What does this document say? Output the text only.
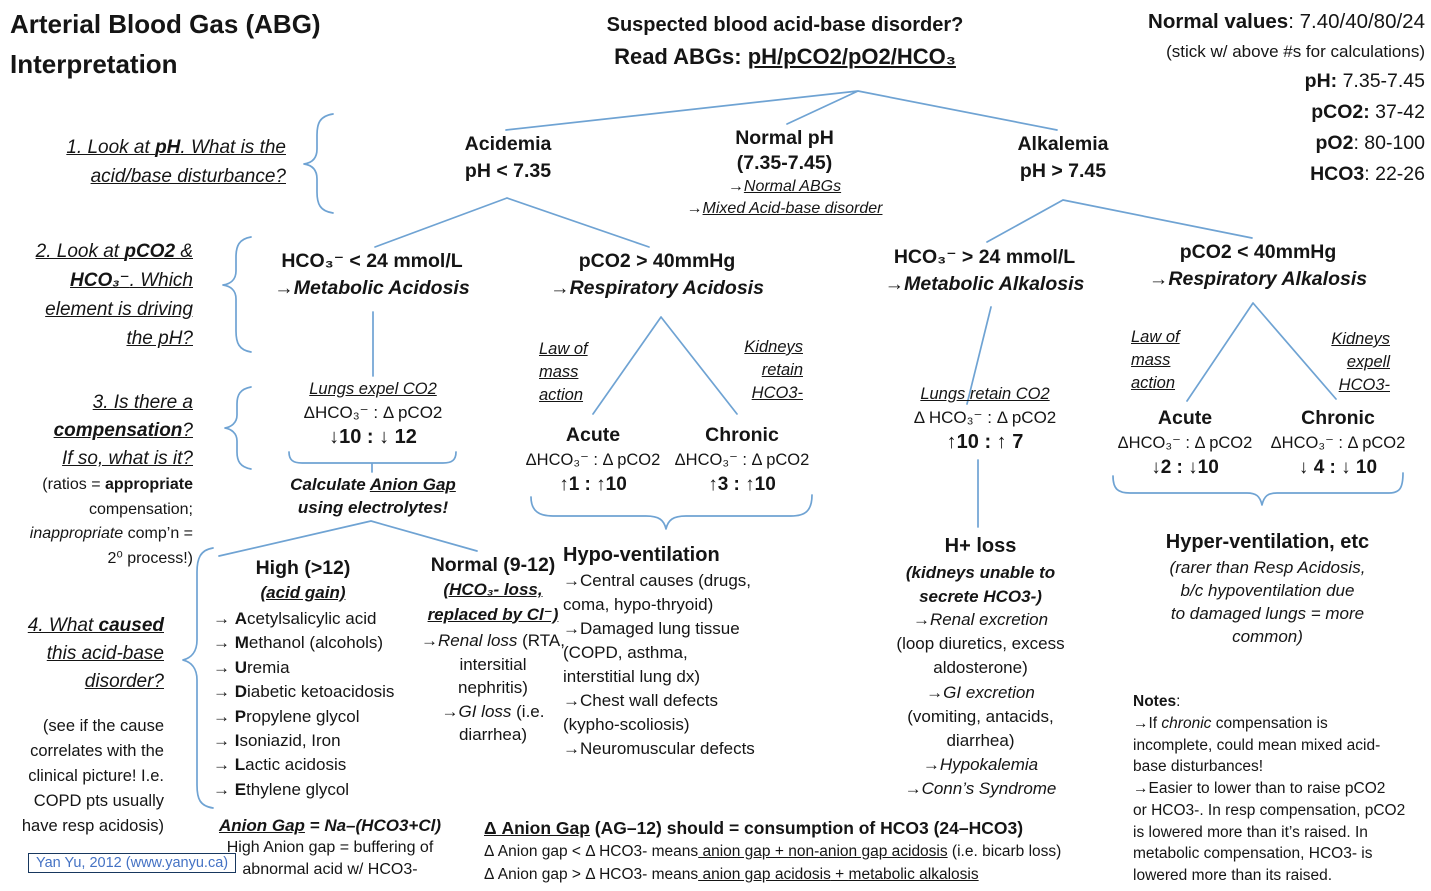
Arterial Blood Gas (ABG)
Interpretation
Suspected blood acid-base disorder?
Read ABGs: pH/pCO2/pO2/HCO₃
Normal values: 7.40/40/80/24
(stick w/ above #s for calculations)
pH: 7.35-7.45
pCO2: 37-42
pO2: 80-100
HCO3: 22-26
1. Look at pH. What is the
acid/base disturbance?
2. Look at pCO2 &
HCO₃⁻. Which
element is driving
the pH?
3. Is there a
compensation?
If so, what is it?
(ratios = appropriate
compensation;
inappropriate comp’n =
2⁰ process!)
4. What caused
this acid-base
disorder?
(see if the cause
correlates with the
clinical picture! I.e.
COPD pts usually
have resp acidosis)
Acidemia
pH < 7.35
Normal pH
(7.35-7.45)
→Normal ABGs
→Mixed Acid-base disorder
Alkalemia
pH > 7.45
HCO₃⁻ < 24 mmol/L
→Metabolic Acidosis
pCO2 > 40mmHg
→Respiratory Acidosis
HCO₃⁻ > 24 mmol/L
→Metabolic Alkalosis
pCO2 < 40mmHg
→Respiratory Alkalosis
Lungs expel CO2
ΔHCO₃⁻ : Δ pCO2
↓10 : ↓ 12
Calculate Anion Gap
using electrolytes!
Law of
mass
action
Kidneys
retain
HCO3-
Acute
ΔHCO₃⁻ : Δ pCO2
↑1 : ↑10
Chronic
ΔHCO₃⁻ : Δ pCO2
↑3 : ↑10
Lungs retain CO2
Δ HCO₃⁻ : Δ pCO2
↑10 : ↑ 7
Law of
mass
action
Kidneys
expell
HCO3-
Acute
ΔHCO₃⁻ : Δ pCO2
↓2 : ↓10
Chronic
ΔHCO₃⁻ : Δ pCO2
↓ 4 : ↓ 10
High (>12)
(acid gain)
→ Acetylsalicylic acid
→ Methanol (alcohols)
→ Uremia
→ Diabetic ketoacidosis
→ Propylene glycol
→ Isoniazid, Iron
→ Lactic acidosis
→ Ethylene glycol
Normal (9-12)
(HCO₃- loss,
replaced by Cl⁻)
→Renal loss (RTA,
intersitial
nephritis)
→GI loss (i.e.
diarrhea)
Hypo-ventilation
→Central causes (drugs,
coma, hypo-thryoid)
→Damaged lung tissue
(COPD, asthma,
interstitial lung dx)
→Chest wall defects
(kypho-scoliosis)
→Neuromuscular defects
H+ loss
(kidneys unable to
secrete HCO3-)
→Renal excretion
(loop diuretics, excess
aldosterone)
→GI excretion
(vomiting, antacids,
diarrhea)
→Hypokalemia
→Conn’s Syndrome
Hyper-ventilation, etc
(rarer than Resp Acidosis,
b/c hypoventilation due
to damaged lungs = more
common)
Notes:
→If chronic compensation is
incomplete, could mean mixed acid-
base disturbances!
→Easier to lower than to raise pCO2
or HCO3-. In resp compensation, pCO2
is lowered more than it’s raised. In
metabolic compensation, HCO3- is
lowered more than its raised.
Anion Gap = Na–(HCO3+Cl)
High Anion gap = buffering of
abnormal acid w/ HCO3-
Δ Anion Gap (AG–12) should = consumption of HCO3 (24–HCO3)
Δ Anion gap < Δ HCO3- means anion gap + non-anion gap acidosis (i.e. bicarb loss)
Δ Anion gap > Δ HCO3- means anion gap acidosis + metabolic alkalosis
Yan Yu, 2012 (www.yanyu.ca)
